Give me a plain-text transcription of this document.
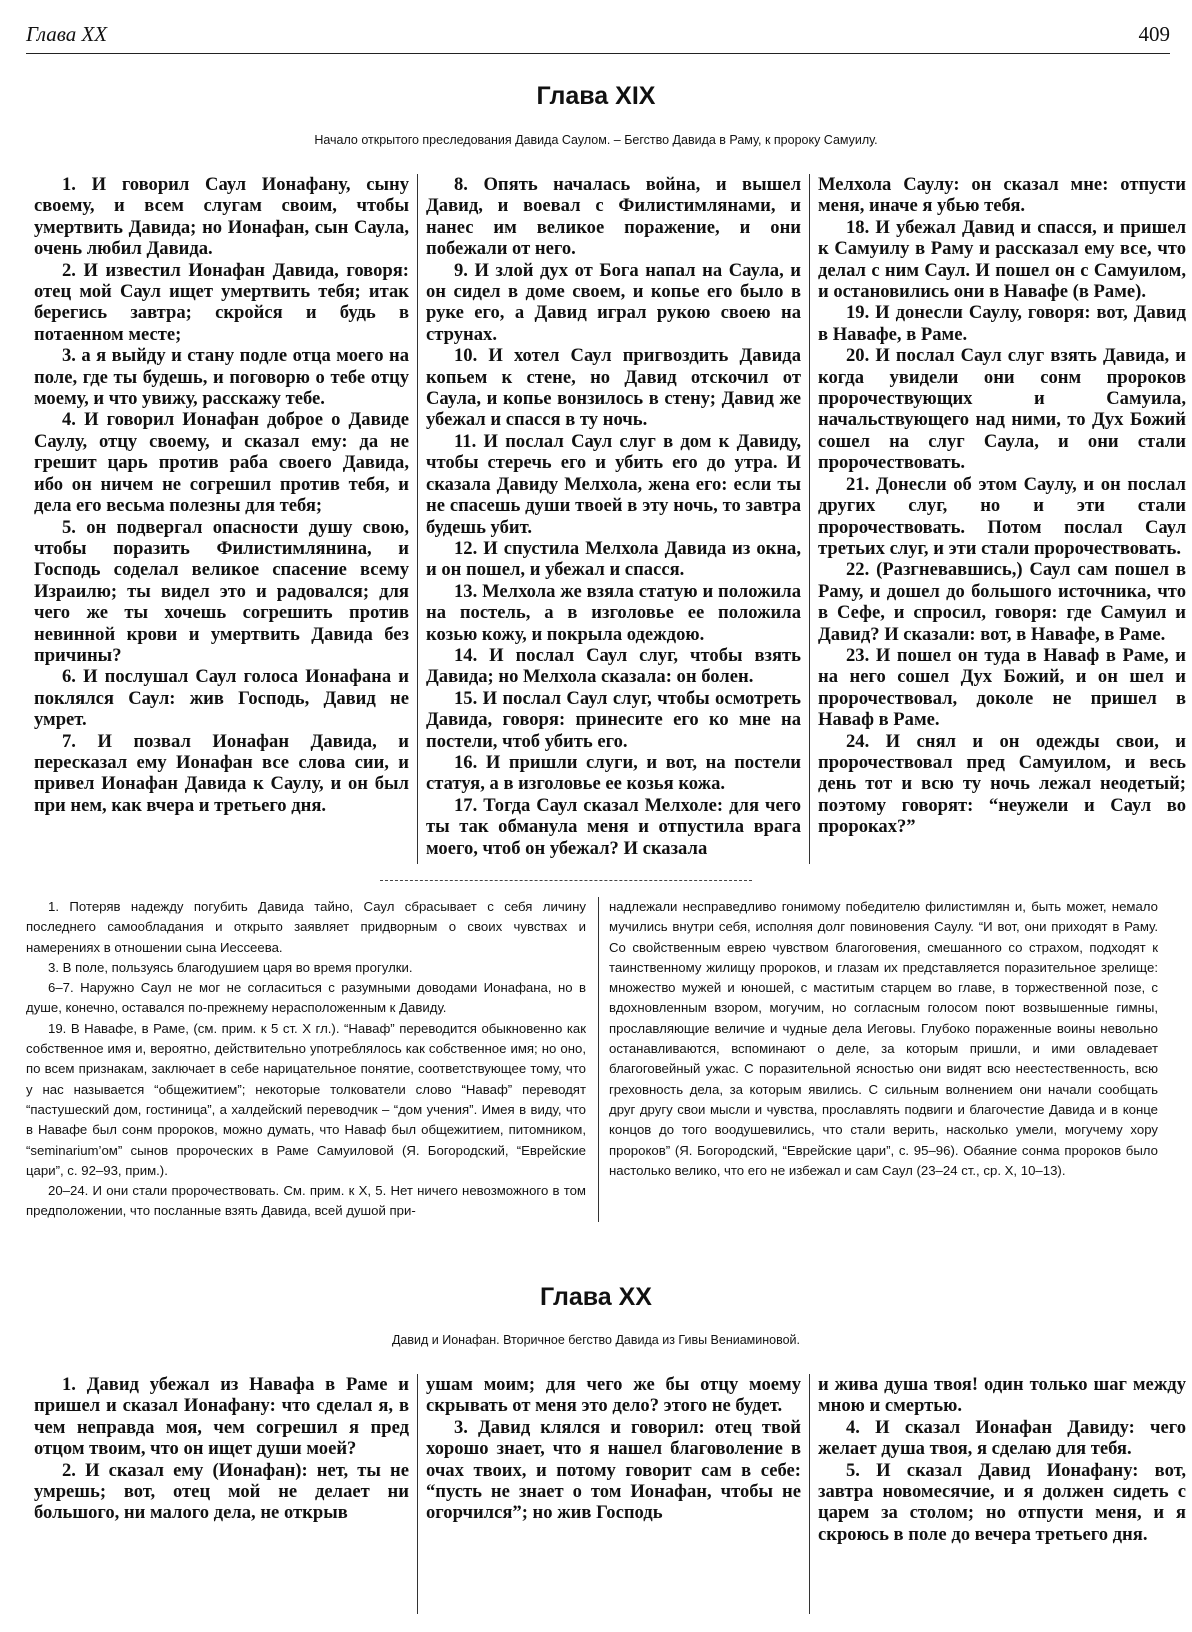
Глава XX	409
Глава XIX
Начало открытого преследования Давида Саулом. – Бегство Давида в Раму, к пророку Самуилу.

1. И говорил Саул Ионафану, сыну своему, и всем слугам своим, чтобы умертвить Давида; но Ионафан, сын Саула, очень любил Давида.

2. И известил Ионафан Давида, говоря: отец мой Саул ищет умертвить тебя; итак берегись завтра; скройся и будь в потаенном месте;

3. а я выйду и стану подле отца моего на поле, где ты будешь, и поговорю о тебе отцу моему, и что увижу, расскажу тебе.

4. И говорил Ионафан доброе о Давиде Саулу, отцу своему, и сказал ему: да не грешит царь против раба своего Давида, ибо он ничем не согрешил против тебя, и дела его весьма полезны для тебя;

5. он подвергал опасности душу свою, чтобы поразить Филистимлянина, и Господь соделал великое спасение всему Израилю; ты видел это и радовался; для чего же ты хочешь согрешить против невинной крови и умертвить Давида без причины?

6. И послушал Саул голоса Ионафана и поклялся Саул: жив Господь, Давид не умрет.

7. И позвал Ионафан Давида, и пересказал ему Ионафан все слова сии, и привел Ионафан Давида к Саулу, и он был при нем, как вчера и третьего дня.

8. Опять началась война, и вышел Давид, и воевал с Филистимлянами, и нанес им великое поражение, и они побежали от него.

9. И злой дух от Бога напал на Саула, и он сидел в доме своем, и копье его было в руке его, а Давид играл рукою своею на струнах.

10. И хотел Саул пригвоздить Давида копьем к стене, но Давид отскочил от Саула, и копье вонзилось в стену; Давид же убежал и спасся в ту ночь.

11. И послал Саул слуг в дом к Давиду, чтобы стеречь его и убить его до утра. И сказала Давиду Мелхола, жена его: если ты не спасешь души твоей в эту ночь, то завтра будешь убит.

12. И спустила Мелхола Давида из окна, и он пошел, и убежал и спасся.

13. Мелхола же взяла статую и положила на постель, а в изголовье ее положила козью кожу, и покрыла одеждою.

14. И послал Саул слуг, чтобы взять Давида; но Мелхола сказала: он болен.

15. И послал Саул слуг, чтобы осмотреть Давида, говоря: принесите его ко мне на постели, чтоб убить его.

16. И пришли слуги, и вот, на постели статуя, а в изголовье ее козья кожа.

17. Тогда Саул сказал Мелхоле: для чего ты так обманула меня и отпустила врага моего, чтоб он убежал? И сказала

Мелхола Саулу: он сказал мне: отпусти меня, иначе я убью тебя.

18. И убежал Давид и спасся, и пришел к Самуилу в Раму и рассказал ему все, что делал с ним Саул. И пошел он с Самуилом, и остановились они в Навафе (в Раме).

19. И донесли Саулу, говоря: вот, Давид в Навафе, в Раме.

20. И послал Саул слуг взять Давида, и когда увидели они сонм пророков пророчествующих и Самуила, начальствующего над ними, то Дух Божий сошел на слуг Саула, и они стали пророчествовать.

21. Донесли об этом Саулу, и он послал других слуг, но и эти стали пророчествовать. Потом послал Саул третьих слуг, и эти стали пророчествовать.

22. (Разгневавшись,) Саул сам пошел в Раму, и дошел до большого источника, что в Сефе, и спросил, говоря: где Самуил и Давид? И сказали: вот, в Навафе, в Раме.

23. И пошел он туда в Наваф в Раме, и на него сошел Дух Божий, и он шел и пророчествовал, доколе не пришел в Наваф в Раме.

24. И снял и он одежды свои, и пророчествовал пред Самуилом, и весь день тот и всю ту ночь лежал неодетый; поэтому говорят: “неужели и Саул во пророках?”

1. Потеряв надежду погубить Давида тайно, Саул сбрасывает с себя личину последнего самообладания и открыто заявляет придворным о своих чувствах и намерениях в отношении сына Иессеева.

3. В поле, пользуясь благодушием царя во время прогулки.

6–7. Наружно Саул не мог не согласиться с разумными доводами Ионафана, но в душе, конечно, оставался по-прежнему нерасположенным к Давиду.

19. В Навафе, в Раме, (см. прим. к 5 ст. X гл.). “Наваф” переводится обыкновенно как собственное имя и, вероятно, действительно употреблялось как собственное имя; но оно, по всем признакам, заключает в себе нарицательное понятие, соответствующее тому, что у нас называется “общежитием”; некоторые толкователи слово “Наваф” переводят “пастушеский дом, гостиница”, а халдейский переводчик – “дом учения”. Имея в виду, что в Навафе был сонм пророков, можно думать, что Наваф был общежитием, питомником, “seminarium’ом” сынов пророческих в Раме Самуиловой (Я. Богородский, “Еврейские цари”, с. 92–93, прим.).

20–24. И они стали пророчествовать. См. прим. к X, 5. Нет ничего невозможного в том предположении, что посланные взять Давида, всей душой при-

надлежали несправедливо гонимому победителю филистимлян и, быть может, немало мучились внутри себя, исполняя долг повиновения Саулу. “И вот, они приходят в Раму. Со свойственным еврею чувством благоговения, смешанного со страхом, подходят к таинственному жилищу пророков, и глазам их представляется поразительное зрелище: множество мужей и юношей, с маститым старцем во главе, в торжественной позе, с вдохновленным взором, могучим, но согласным голосом поют возвышенные гимны, прославляющие величие и чудные дела Иеговы. Глубоко пораженные воины невольно останавливаются, вспоминают о деле, за которым пришли, и ими овладевает благоговейный ужас. С поразительной ясностью они видят всю неестественность, всю греховность дела, за которым явились. С сильным волнением они начали сообщать друг другу свои мысли и чувства, прославлять подвиги и благочестие Давида и в конце концов до того воодушевились, что стали верить, насколько умели, могучему хору пророков” (Я. Богородский, “Еврейские цари”, с. 95–96). Обаяние сонма пророков было настолько велико, что его не избежал и сам Саул (23–24 ст., ср. X, 10–13).

Глава XX
Давид и Ионафан. Вторичное бегство Давида из Гивы Вениаминовой.

1. Давид убежал из Навафа в Раме и пришел и сказал Ионафану: что сделал я, в чем неправда моя, чем согрешил я пред отцом твоим, что он ищет души моей?

2. И сказал ему (Ионафан): нет, ты не умрешь; вот, отец мой не делает ни большого, ни малого дела, не открыв

ушам моим; для чего же бы отцу моему скрывать от меня это дело? этого не будет.

3. Давид клялся и говорил: отец твой хорошо знает, что я нашел благоволение в очах твоих, и потому говорит сам в себе: “пусть не знает о том Ионафан, чтобы не огорчился”; но жив Господь

и жива душа твоя! один только шаг между мною и смертью.

4. И сказал Ионафан Давиду: чего желает душа твоя, я сделаю для тебя.

5. И сказал Давид Ионафану: вот, завтра новомесячие, и я должен сидеть с царем за столом; но отпусти меня, и я скроюсь в поле до вечера третьего дня.
